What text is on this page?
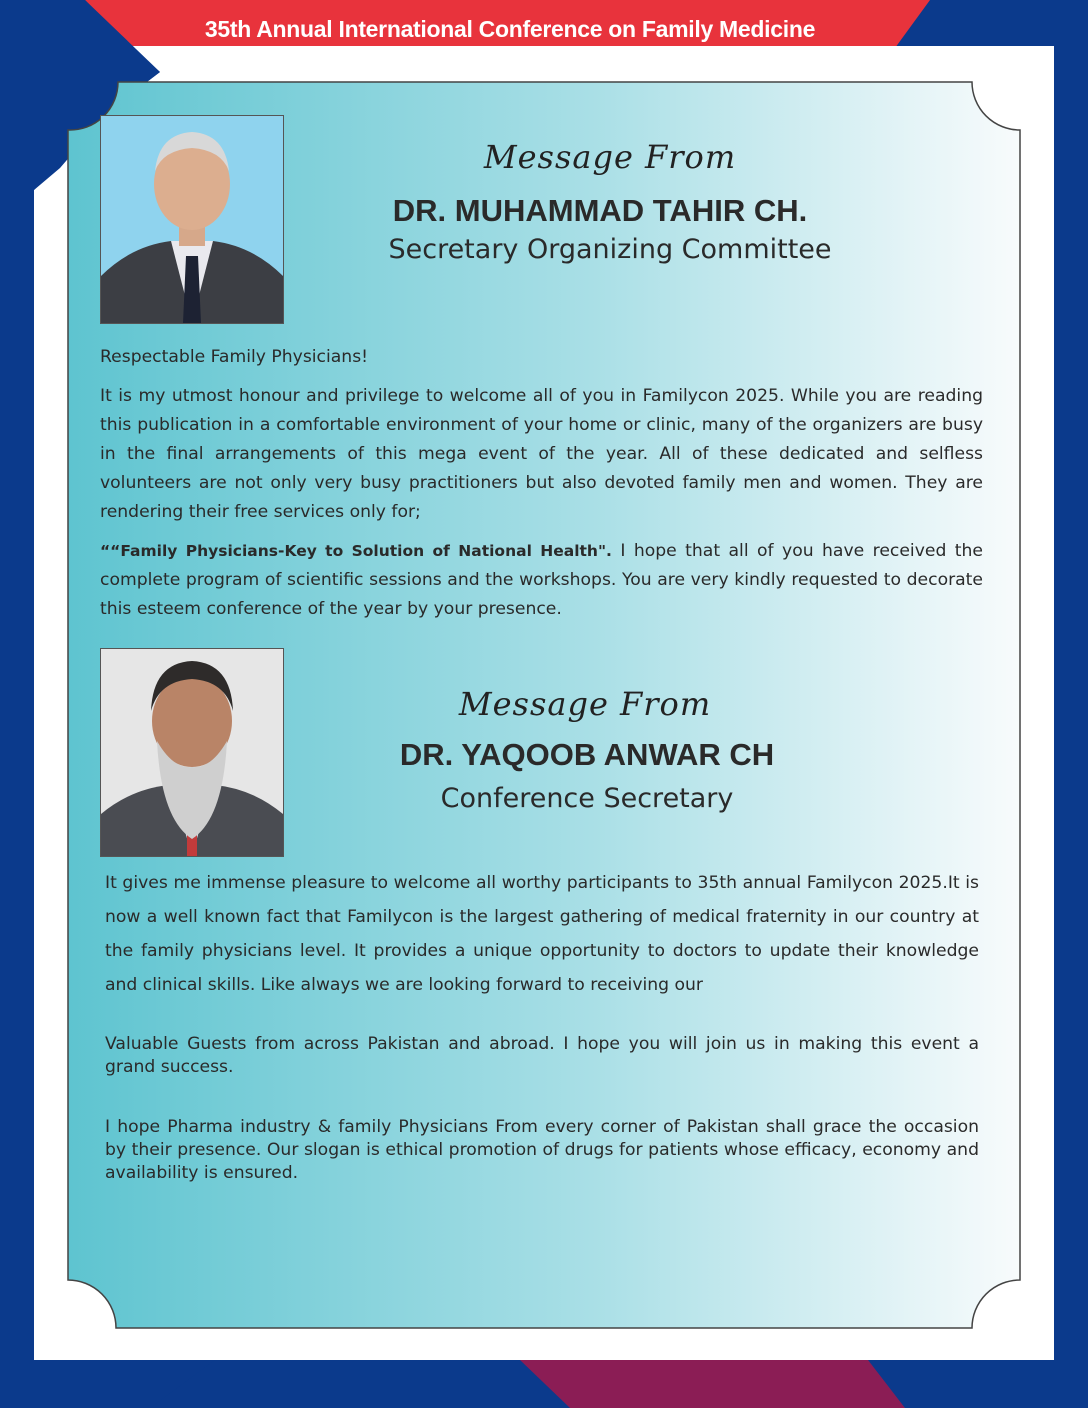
35th Annual International Conference on Family Medicine FAMILYCON 2025
Message From
DR. MUHAMMAD TAHIR CH.
Secretary Organizing Committee

Respectable Family Physicians!

It is my utmost honour and privilege to welcome all of you in Familycon 2025. While you are reading this publication in a comfortable environment of your home or clinic, many of the organizers are busy in the final arrangements of this mega event of the year. All of these dedicated and selfless volunteers are not only very busy practitioners but also devoted family men and women. They are rendering their free services only for;

““Family Physicians-Key to Solution of National Health". I hope that all of you have received the complete program of scientific sessions and the workshops. You are very kindly requested to decorate this esteem conference of the year by your presence.

Message From
DR. YAQOOB ANWAR CH
Conference Secretary
It gives me immense pleasure to welcome all worthy participants to 35th annual Familycon 2025.It is now a well known fact that Familycon is the largest gathering of medical fraternity in our country at the family physicians level. It provides a unique opportunity to doctors to update their knowledge and clinical skills. Like always we are looking forward to receiving our
Valuable Guests from across Pakistan and abroad. I hope you will join us in making this event a grand success.
I hope Pharma industry & family Physicians From every corner of Pakistan shall grace the occasion by their presence. Our slogan is ethical promotion of drugs for patients whose efficacy, economy and availability is ensured.
